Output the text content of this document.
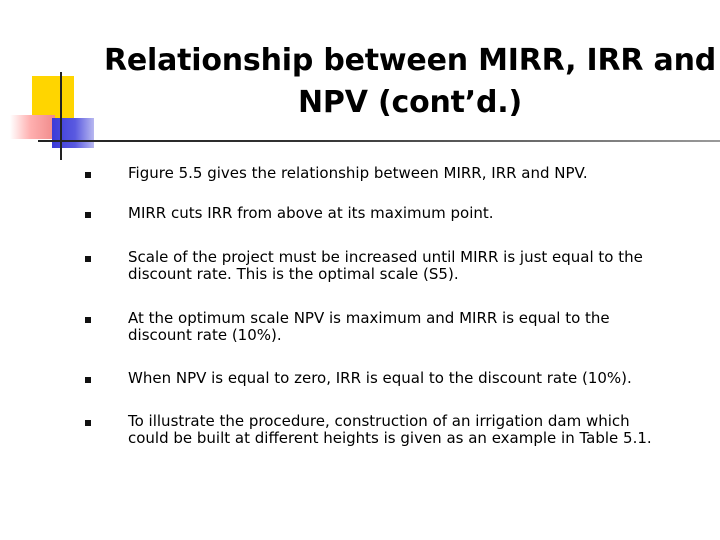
Relationship between MIRR, IRR and
NPV (cont’d.)
Figure 5.5 gives the relationship between MIRR, IRR and NPV.
MIRR cuts IRR from above at its maximum point.
Scale of the project must be increased until MIRR is just equal to the
discount rate. This is the optimal scale (S5).
At the optimum scale NPV is maximum and MIRR is equal to the
discount rate (10%).
When NPV is equal to zero, IRR is equal to the discount rate (10%).
To illustrate the procedure, construction of an irrigation dam which
could be built at different heights is given as an example in Table 5.1.
